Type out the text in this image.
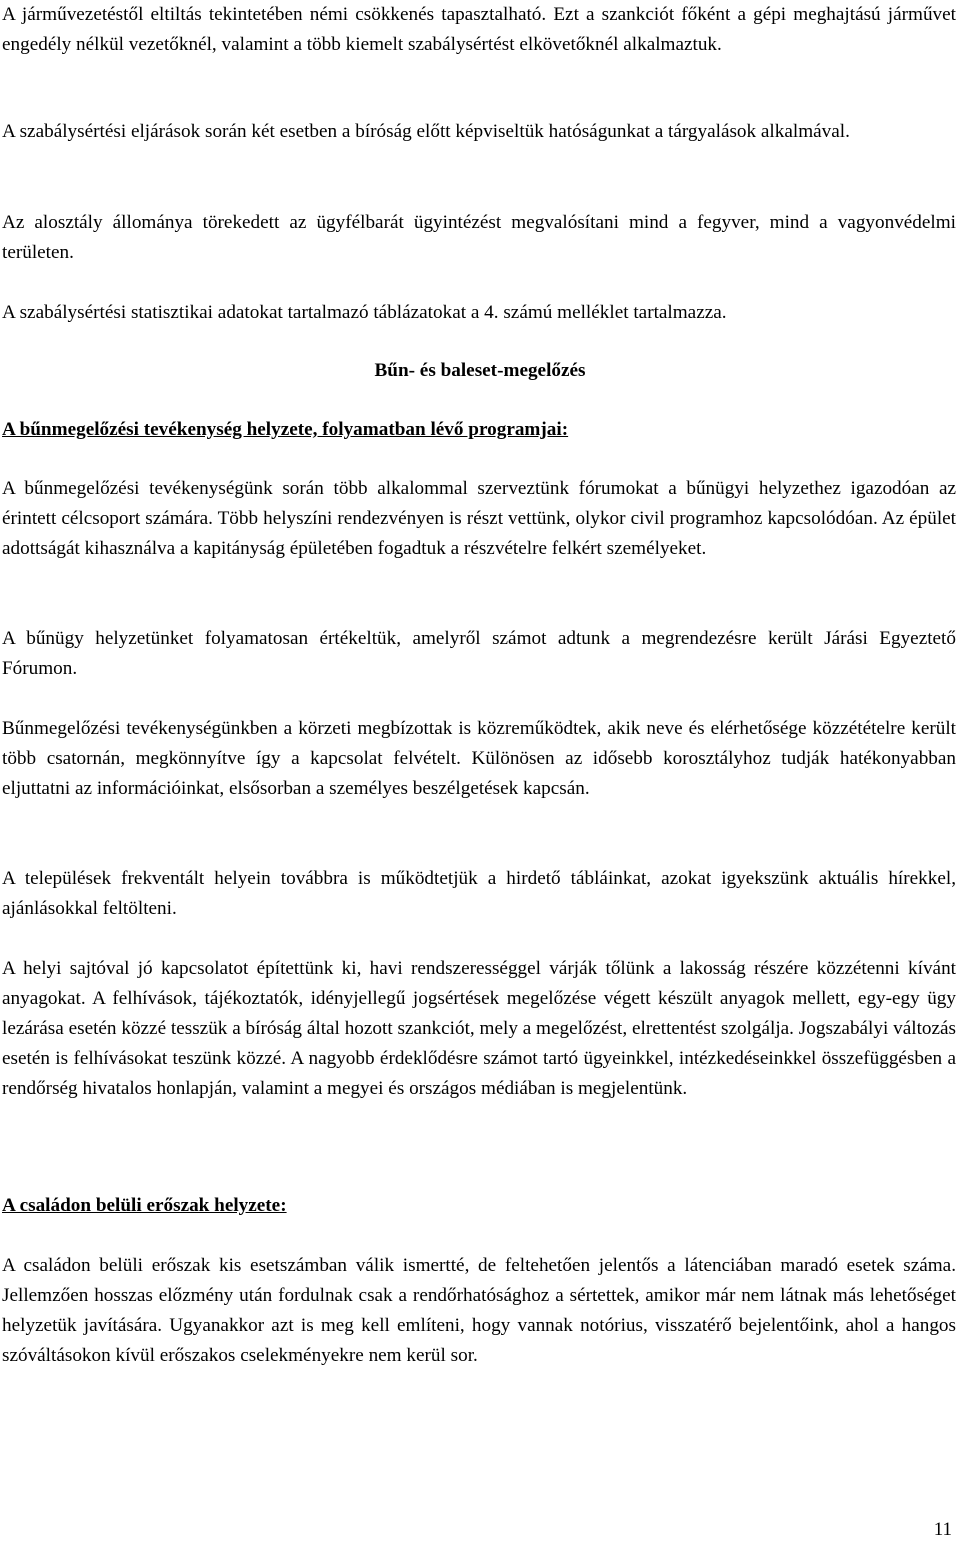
A járművezetéstől eltiltás tekintetében némi csökkenés tapasztalható. Ezt a szankciót főként a gépi meghajtású járművet engedély nélkül vezetőknél, valamint a több kiemelt szabálysértést elkövetőknél alkalmaztuk.

A szabálysértési eljárások során két esetben a bíróság előtt képviseltük hatóságunkat a tárgyalások alkalmával.

Az alosztály állománya törekedett az ügyfélbarát ügyintézést megvalósítani mind a fegyver, mind a vagyonvédelmi területen.

A szabálysértési statisztikai adatokat tartalmazó táblázatokat a 4. számú melléklet tartalmazza.

Bűn- és baleset-megelőzés

A bűnmegelőzési tevékenység helyzete, folyamatban lévő programjai:

A bűnmegelőzési tevékenységünk során több alkalommal szerveztünk fórumokat a bűnügyi helyzethez igazodóan az érintett célcsoport számára. Több helyszíni rendezvényen is részt vettünk, olykor civil programhoz kapcsolódóan. Az épület adottságát kihasználva a kapitányság épületében fogadtuk a részvételre felkért személyeket.

A bűnügy helyzetünket folyamatosan értékeltük, amelyről számot adtunk a megrendezésre került Járási Egyeztető Fórumon.

Bűnmegelőzési tevékenységünkben a körzeti megbízottak is közreműködtek, akik neve és elérhetősége közzétételre került több csatornán, megkönnyítve így a kapcsolat felvételt. Különösen az idősebb korosztályhoz tudják hatékonyabban eljuttatni az információinkat, elsősorban a személyes beszélgetések kapcsán.

A települések frekventált helyein továbbra is működtetjük a hirdető tábláinkat, azokat igyekszünk aktuális hírekkel, ajánlásokkal feltölteni.

A helyi sajtóval jó kapcsolatot építettünk ki, havi rendszerességgel várják tőlünk a lakosság részére közzétenni kívánt anyagokat. A felhívások, tájékoztatók, idényjellegű jogsértések megelőzése végett készült anyagok mellett, egy-egy ügy lezárása esetén közzé tesszük a bíróság által hozott szankciót, mely a megelőzést, elrettentést szolgálja. Jogszabályi változás esetén is felhívásokat teszünk közzé. A nagyobb érdeklődésre számot tartó ügyeinkkel, intézkedéseinkkel összefüggésben a rendőrség hivatalos honlapján, valamint a megyei és országos médiában is megjelentünk.

A családon belüli erőszak helyzete:

A családon belüli erőszak kis esetszámban válik ismertté, de feltehetően jelentős a látenciában maradó esetek száma. Jellemzően hosszas előzmény után fordulnak csak a rendőrhatósághoz a sértettek, amikor már nem látnak más lehetőséget helyzetük javítására. Ugyanakkor azt is meg kell említeni, hogy vannak notórius, visszatérő bejelentőink, ahol a hangos szóváltásokon kívül erőszakos cselekményekre nem kerül sor.

11
